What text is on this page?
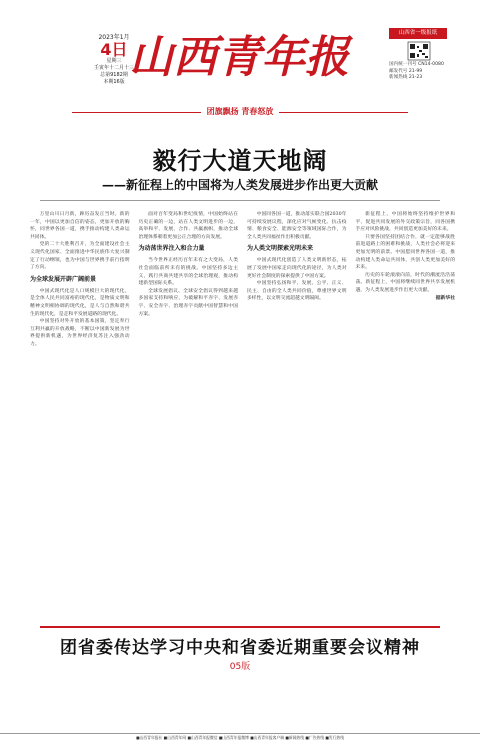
2023年1月
4日
星期三
壬寅年十二月十三
总第9182期
本期16版 山西青年报	山西省一级报纸
国内统一刊号 CN14-0080
邮发代号 21-99
新闻热线 21-23
团旗飘扬 青春怒放
毅行大道天地阔
——新征程上的中国将为人类发展进步作出更大贡献

万里山川日月新，踔厉奋发正当时。新的一年，中国以更加自信的姿态，更加开放的胸怀，同世界各国一道，携手推动构建人类命运共同体。

党的二十大胜利召开，为全面建设社会主义现代化国家、全面推进中华民族伟大复兴制定了行动纲领，也为中国与世界携手前行指明了方向。

为全球发展开辟广阔前景

中国式现代化是人口规模巨大的现代化，是全体人民共同富裕的现代化，是物质文明和精神文明相协调的现代化，是人与自然和谐共生的现代化，是走和平发展道路的现代化。

中国坚持对外开放的基本国策，坚定奉行互利共赢的开放战略，不断以中国新发展为世界提供新机遇，为世界经济复苏注入强劲动力。

面对百年变局和世纪疫情，中国始终站在历史正确的一边，站在人类文明进步的一边，高举和平、发展、合作、共赢旗帜，推动全球治理体系朝着更加公正合理的方向发展。

为动荡世界注入和合力量

当今世界正经历百年未有之大变局，人类社会面临前所未有的挑战。中国坚持多边主义，践行共商共建共享的全球治理观，推动构建新型国际关系。

全球发展倡议、全球安全倡议得到越来越多国家支持和响应，为破解和平赤字、发展赤字、安全赤字、治理赤字贡献中国智慧和中国方案。

中国同各国一道，推动落实联合国2030年可持续发展议程，深化应对气候变化、抗击疫情、粮食安全、能源安全等领域国际合作，为全人类共同福祉作出积极贡献。

为人类文明探索光明未来

中国式现代化创造了人类文明新形态，拓展了发展中国家走向现代化的途径，为人类对更好社会制度的探索提供了中国方案。

中国坚持弘扬和平、发展、公平、正义、民主、自由的全人类共同价值，尊重世界文明多样性，以文明交流超越文明隔阂。

新征程上，中国将始终坚持维护世界和平、促进共同发展的外交政策宗旨，同各国携手应对风险挑战，共同创造更加美好的未来。

只要各国坚持团结合作，就一定能够战胜前进道路上的困难和挑战，人类社会必将迎来更加光明的前景。中国愿同世界各国一道，推动构建人类命运共同体，共创人类更加美好的未来。

历史的车轮滚滚向前，时代的潮流浩浩荡荡。新征程上，中国将继续同世界共享发展机遇，为人类发展进步作出更大贡献。

据新华社

团省委传达学习中央和省委近期重要会议精神
05版
■山西青年报社 ■山西青年网 ■山西青年报微信 ■山西青年报微博 ■山西青年报客户端 ■新闻热线 ■广告热线 ■发行热线
